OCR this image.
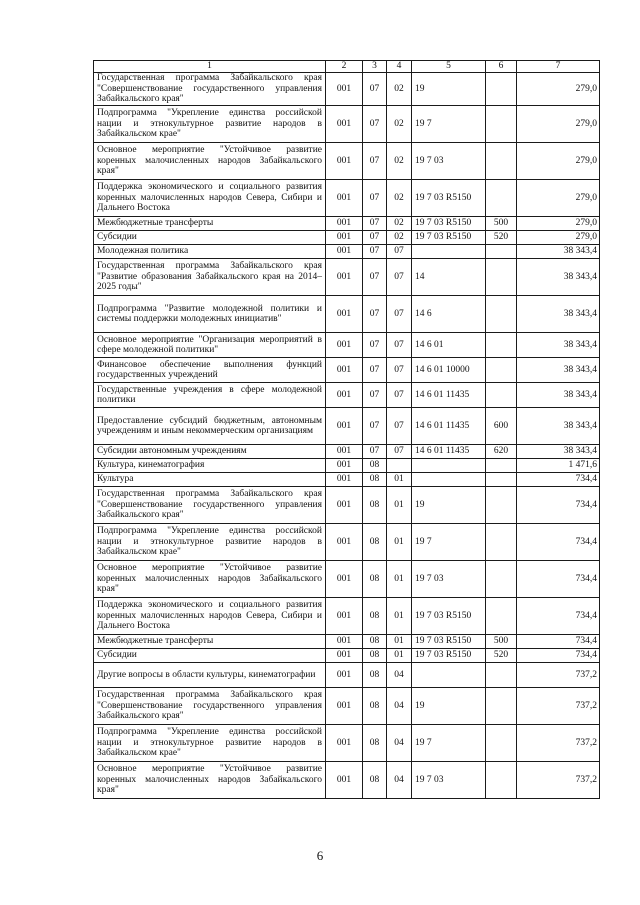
1	2	3	4	5	6	7
Государственная программа Забайкальского края "Совершенствование государственного управления Забайкальского края"	001	07	02	19		279,0
Подпрограмма "Укрепление единства российской нации и этнокультурное развитие народов в Забайкальском крае"	001	07	02	19 7		279,0
Основное мероприятие "Устойчивое развитие коренных малочисленных народов Забайкальского края"	001	07	02	19 7 03		279,0
Поддержка экономического и социального развития коренных малочисленных народов Севера, Сибири и Дальнего Востока	001	07	02	19 7 03 R5150		279,0
Межбюджетные трансферты	001	07	02	19 7 03 R5150	500	279,0
Субсидии	001	07	02	19 7 03 R5150	520	279,0
Молодежная политика	001	07	07			38 343,4
Государственная программа Забайкальского края "Развитие образования Забайкальского края на 2014–2025 годы"	001	07	07	14		38 343,4
Подпрограмма "Развитие молодежной политики и системы поддержки молодежных инициатив"	001	07	07	14 6		38 343,4
Основное мероприятие "Организация мероприятий в сфере молодежной политики"	001	07	07	14 6 01		38 343,4
Финансовое обеспечение выполнения функций государственных учреждений	001	07	07	14 6 01 10000		38 343,4
Государственные учреждения в сфере молодежной политики	001	07	07	14 6 01 11435		38 343,4
Предоставление субсидий бюджетным, автономным учреждениям и иным некоммерческим организациям	001	07	07	14 6 01 11435	600	38 343,4
Субсидии автономным учреждениям	001	07	07	14 6 01 11435	620	38 343,4
Культура, кинематография	001	08				1 471,6
Культура	001	08	01			734,4
Государственная программа Забайкальского края "Совершенствование государственного управления Забайкальского края"	001	08	01	19		734,4
Подпрограмма "Укрепление единства российской нации и этнокультурное развитие народов в Забайкальском крае"	001	08	01	19 7		734,4
Основное мероприятие "Устойчивое развитие коренных малочисленных народов Забайкальского края"	001	08	01	19 7 03		734,4
Поддержка экономического и социального развития коренных малочисленных народов Севера, Сибири и Дальнего Востока	001	08	01	19 7 03 R5150		734,4
Межбюджетные трансферты	001	08	01	19 7 03 R5150	500	734,4
Субсидии	001	08	01	19 7 03 R5150	520	734,4
Другие вопросы в области культуры, кинематографии	001	08	04			737,2
Государственная программа Забайкальского края "Совершенствование государственного управления Забайкальского края"	001	08	04	19		737,2
Подпрограмма "Укрепление единства российской нации и этнокультурное развитие народов в Забайкальском крае"	001	08	04	19 7		737,2
Основное мероприятие "Устойчивое развитие коренных малочисленных народов Забайкальского края"	001	08	04	19 7 03		737,2
6
